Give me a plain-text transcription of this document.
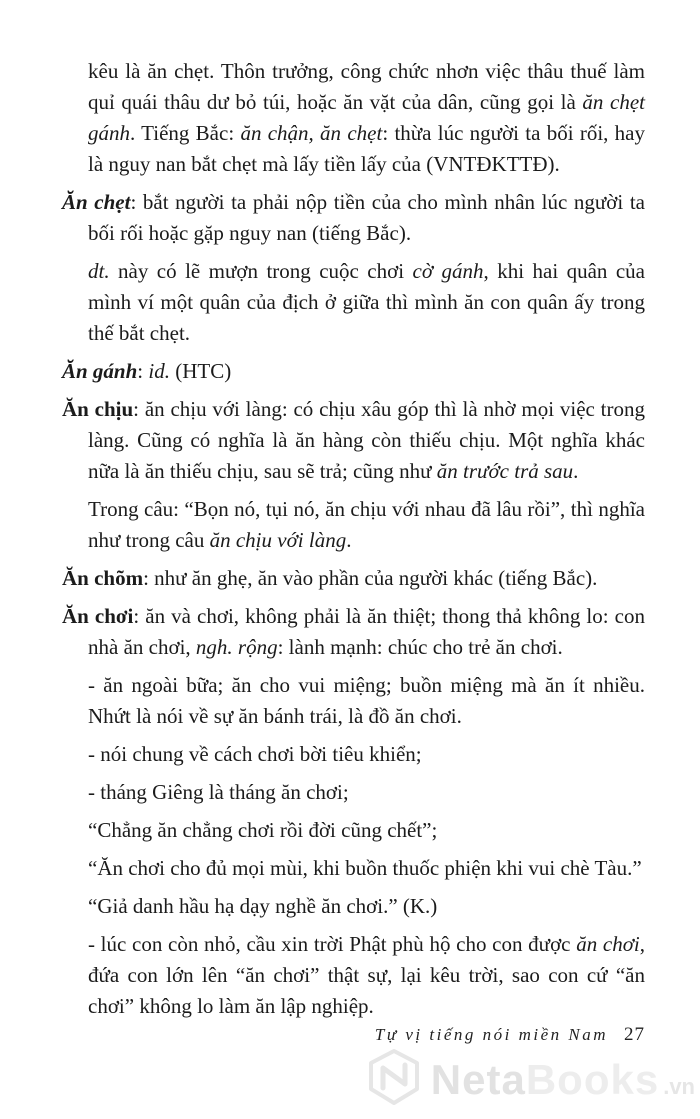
kêu là ăn chẹt. Thôn trưởng, công chức nhơn việc thâu thuế làm quỉ quái thâu dư bỏ túi, hoặc ăn vặt của dân, cũng gọi là ăn chẹt gánh. Tiếng Bắc: ăn chận, ăn chẹt: thừa lúc người ta bối rối, hay là nguy nan bắt chẹt mà lấy tiền lấy của (VNTĐKTTĐ).

Ăn chẹt: bắt người ta phải nộp tiền của cho mình nhân lúc người ta bối rối hoặc gặp nguy nan (tiếng Bắc).

dt. này có lẽ mượn trong cuộc chơi cờ gánh, khi hai quân của mình ví một quân của địch ở giữa thì mình ăn con quân ấy trong thế bắt chẹt.

Ăn gánh: id. (HTC)

Ăn chịu: ăn chịu với làng: có chịu xâu góp thì là nhờ mọi việc trong làng. Cũng có nghĩa là ăn hàng còn thiếu chịu. Một nghĩa khác nữa là ăn thiếu chịu, sau sẽ trả; cũng như ăn trước trả sau.

Trong câu: “Bọn nó, tụi nó, ăn chịu với nhau đã lâu rồi”, thì nghĩa như trong câu ăn chịu với làng.

Ăn chõm: như ăn ghẹ, ăn vào phần của người khác (tiếng Bắc).

Ăn chơi: ăn và chơi, không phải là ăn thiệt; thong thả không lo: con nhà ăn chơi, ngh. rộng: lành mạnh: chúc cho trẻ ăn chơi.

- ăn ngoài bữa; ăn cho vui miệng; buồn miệng mà ăn ít nhiều. Nhứt là nói về sự ăn bánh trái, là đồ ăn chơi.

- nói chung về cách chơi bời tiêu khiển;

- tháng Giêng là tháng ăn chơi;

“Chẳng ăn chẳng chơi rồi đời cũng chết”;

“Ăn chơi cho đủ mọi mùi, khi buồn thuốc phiện khi vui chè Tàu.”

“Giả danh hầu hạ dạy nghề ăn chơi.” (K.)

- lúc con còn nhỏ, cầu xin trời Phật phù hộ cho con được ăn chơi, đứa con lớn lên “ăn chơi” thật sự, lại kêu trời, sao con cứ “ăn chơi” không lo làm ăn lập nghiệp.

Tự vị tiếng nói miền Nam 27
Neta Books .vn
